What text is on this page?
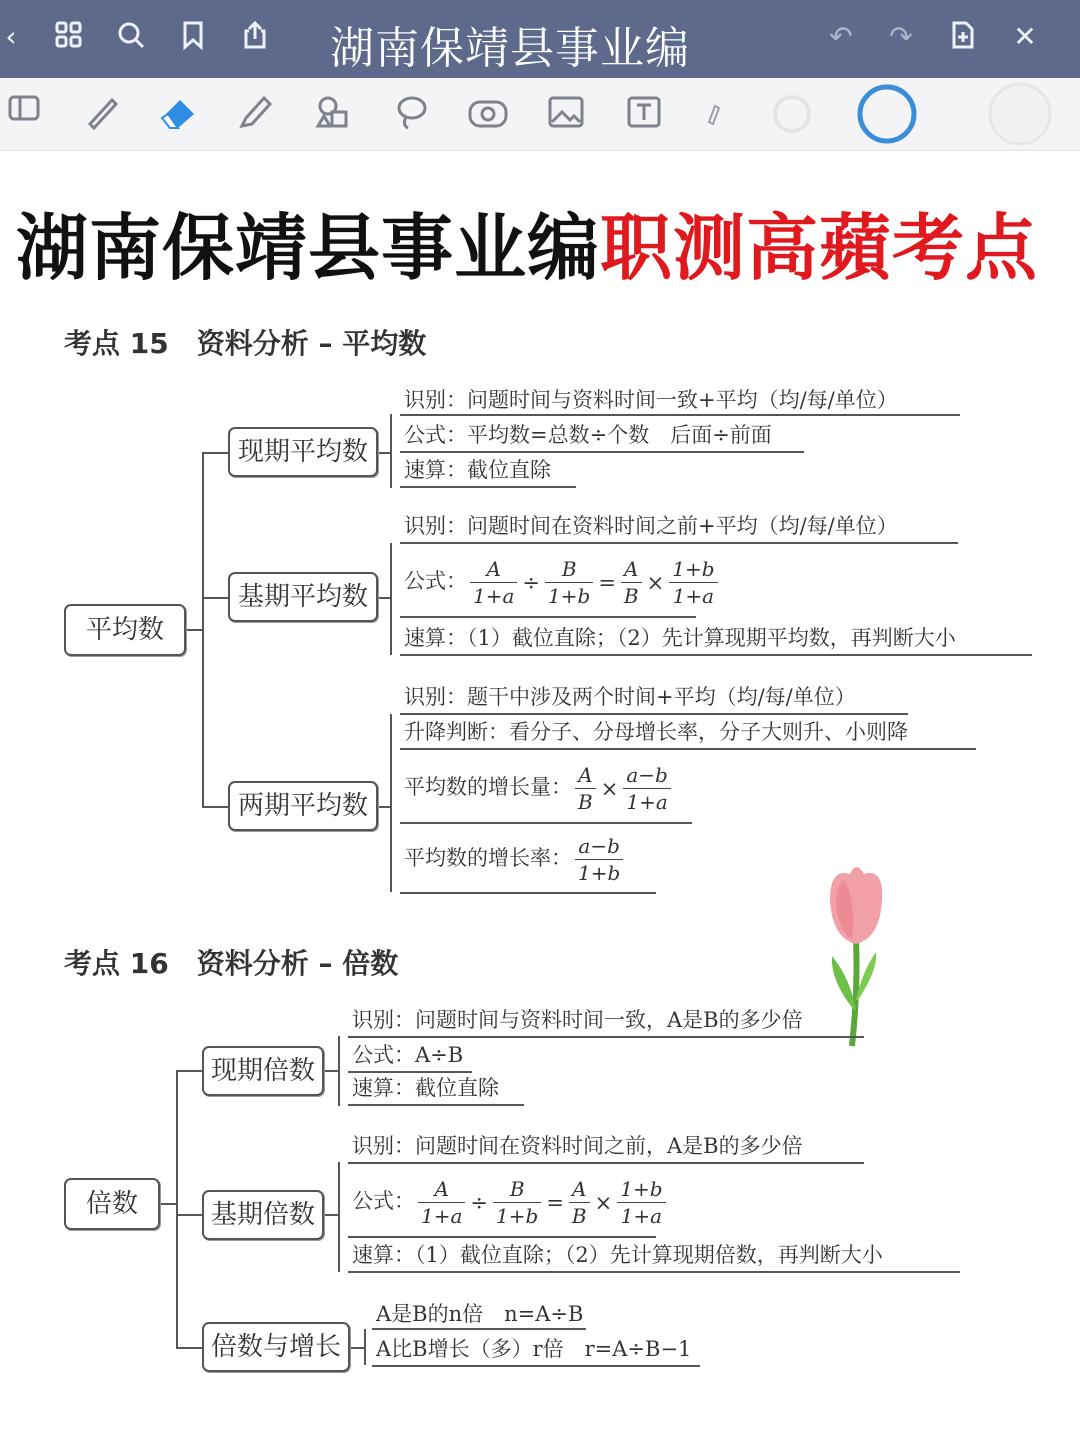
‹	湖南保靖县事业编	↶ ↷	✕
湖南保靖县事业编职测高蘋考点
考点 15　资料分析 – 平均数
平均数
现期平均数
基期平均数
两期平均数
识别：问题时间与资料时间一致+平均（均/每/单位）
公式：平均数=总数÷个数　后面÷前面
速算：截位直除
识别：问题时间在资料时间之前+平均（均/每/单位）
公式： $\frac{A}{1+a} \div \frac{B}{1+b} = \frac{A}{B} \times \frac{1+b}{1+a}$
速算：（1）截位直除；（2）先计算现期平均数，再判断大小
识别：题干中涉及两个时间+平均（均/每/单位）
升降判断：看分子、分母增长率，分子大则升、小则降
平均数的增长量： $\frac{A}{B} \times \frac{a-b}{1+a}$
平均数的增长率： $\frac{a-b}{1+b}$
考点 16　资料分析 – 倍数
倍数
现期倍数
基期倍数
倍数与增长
识别：问题时间与资料时间一致，A是B的多少倍
公式：A÷B
速算：截位直除
识别：问题时间在资料时间之前，A是B的多少倍
公式： $\frac{A}{1+a} \div \frac{B}{1+b} = \frac{A}{B} \times \frac{1+b}{1+a}$
速算：（1）截位直除；（2）先计算现期倍数，再判断大小
A是B的n倍　n=A÷B
A比B增长（多）r倍　r=A÷B−1
